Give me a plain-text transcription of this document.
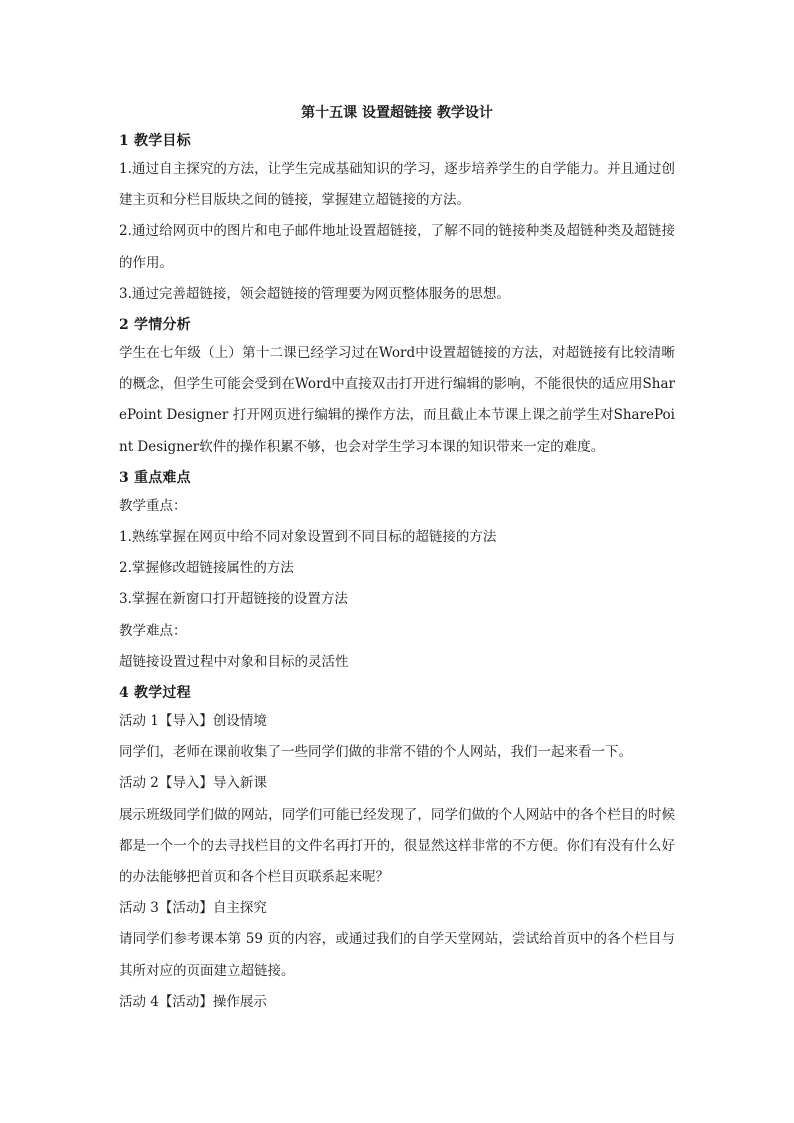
第十五课 设置超链接 教学设计
1 教学目标

1.通过自主探究的方法，让学生完成基础知识的学习，逐步培养学生的自学能力。并且通过创建主页和分栏目版块之间的链接，掌握建立超链接的方法。

2.通过给网页中的图片和电子邮件地址设置超链接，了解不同的链接种类及超链种类及超链接的作用。

3.通过完善超链接，领会超链接的管理要为网页整体服务的思想。

2 学情分析

学生在七年级（上）第十二课已经学习过在Word中设置超链接的方法，对超链接有比较清晰的概念，但学生可能会受到在Word中直接双击打开进行编辑的影响，不能很快的适应用SharePoint Designer 打开网页进行编辑的操作方法，而且截止本节课上课之前学生对SharePoint Designer软件的操作积累不够，也会对学生学习本课的知识带来一定的难度。

3 重点难点

教学重点：

1.熟练掌握在网页中给不同对象设置到不同目标的超链接的方法

2.掌握修改超链接属性的方法

3.掌握在新窗口打开超链接的设置方法

教学难点：

超链接设置过程中对象和目标的灵活性

4 教学过程

活动 1【导入】创设情境

同学们，老师在课前收集了一些同学们做的非常不错的个人网站，我们一起来看一下。

活动 2【导入】导入新课

展示班级同学们做的网站，同学们可能已经发现了，同学们做的个人网站中的各个栏目的时候都是一个一个的去寻找栏目的文件名再打开的，很显然这样非常的不方便。你们有没有什么好的办法能够把首页和各个栏目页联系起来呢？

活动 3【活动】自主探究

请同学们参考课本第 59 页的内容，或通过我们的自学天堂网站，尝试给首页中的各个栏目与其所对应的页面建立超链接。

活动 4【活动】操作展示
